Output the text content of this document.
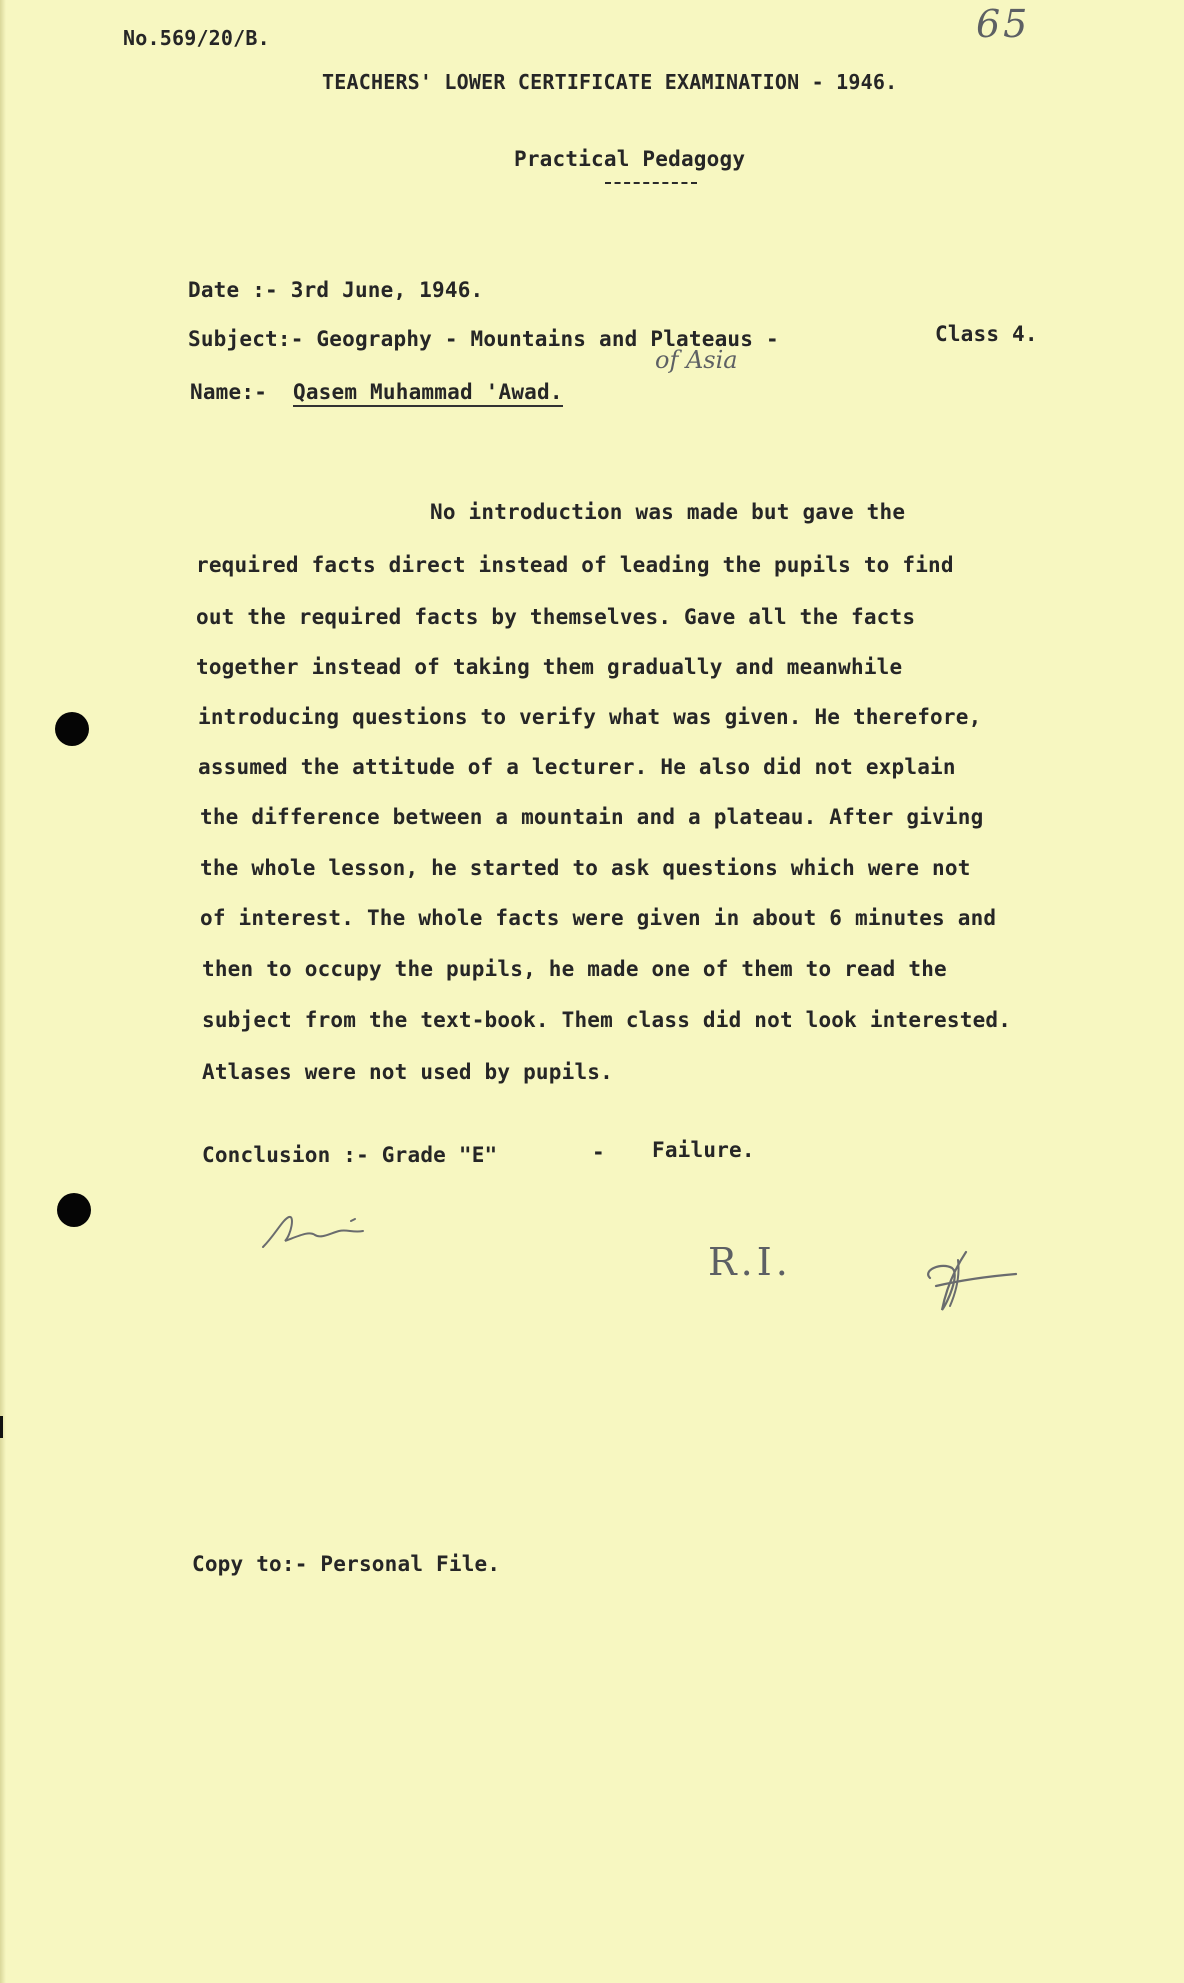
No.569/20/B.	65
TEACHERS' LOWER CERTIFICATE EXAMINATION - 1946.
Practical Pedagogy
Date :- 3rd June, 1946.
Subject:- Geography - Mountains and Plateaus -	Class 4.
of Asia
Name:- Qasem Muhammad 'Awad.
No introduction was made but gave the
required facts direct instead of leading the pupils to find
out the required facts by themselves. Gave all the facts
together instead of taking them gradually and meanwhile
introducing questions to verify what was given. He therefore,
assumed the attitude of a lecturer. He also did not explain
the difference between a mountain and a plateau. After giving
the whole lesson, he started to ask questions which were not
of interest. The whole facts were given in about 6 minutes and
then to occupy the pupils, he made one of them to read the
subject from the text-book. Them class did not look interested.
Atlases were not used by pupils.
Conclusion :- Grade "E"	- Failure.
R.I.
Copy to:- Personal File.
